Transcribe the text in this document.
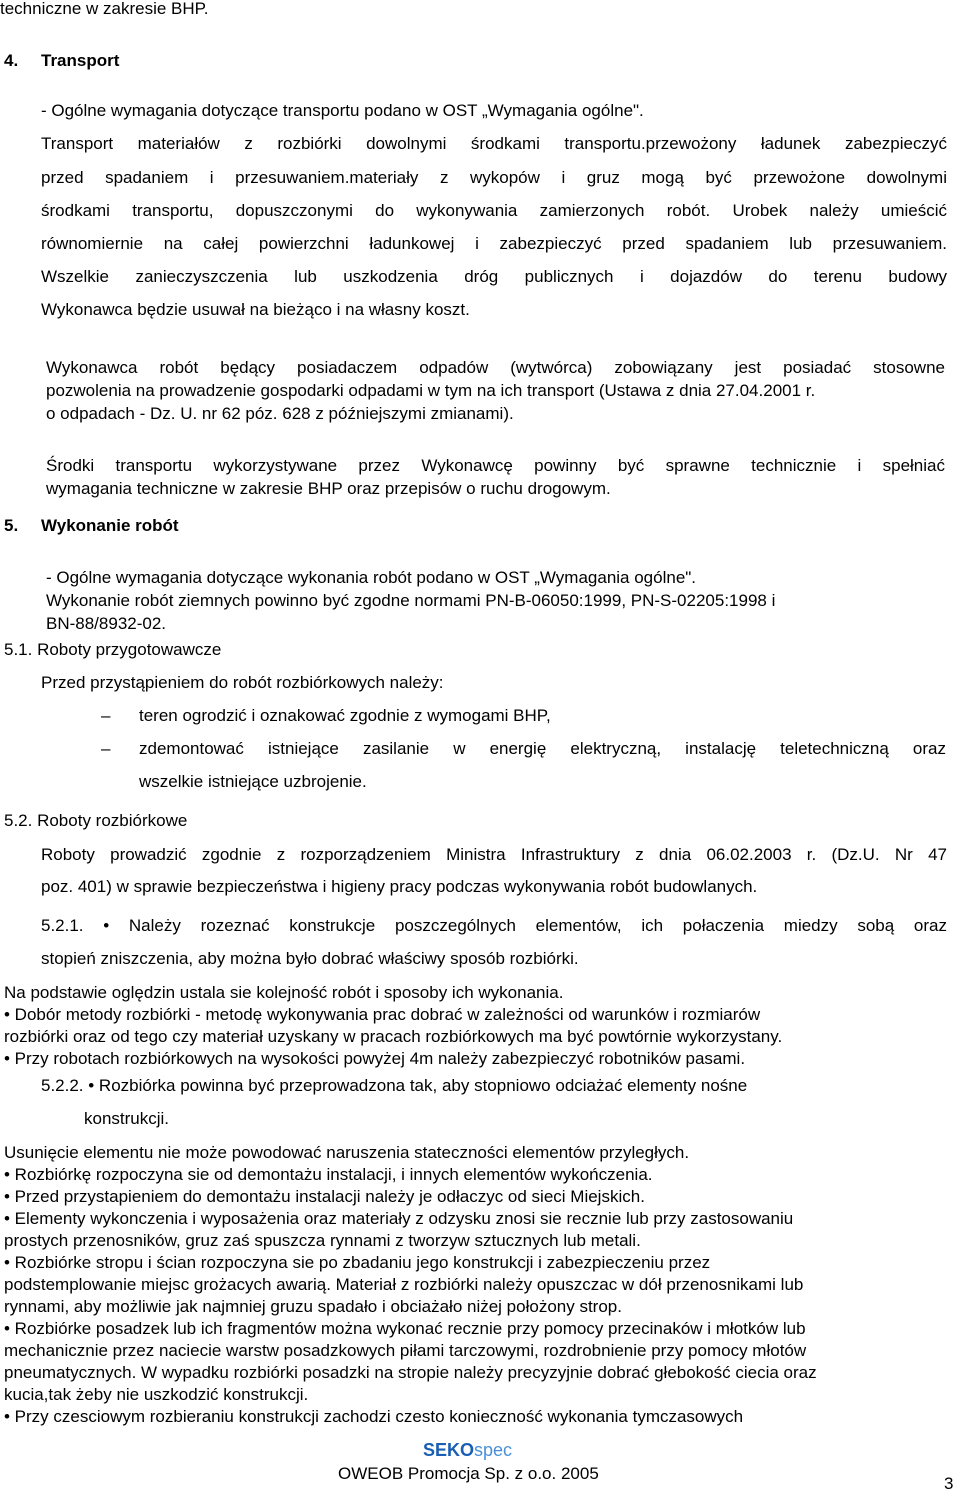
techniczne w zakresie BHP.
4. Transport
- Ogólne wymagania dotyczące transportu podano w OST „Wymagania ogólne".
Transport materiałów z rozbiórki dowolnymi środkami transportu.przewożony ładunek zabezpieczyć
przed spadaniem i przesuwaniem.materiały z wykopów i gruz mogą być przewożone dowolnymi
środkami transportu, dopuszczonymi do wykonywania zamierzonych robót. Urobek należy umieścić
równomiernie na całej powierzchni ładunkowej i zabezpieczyć przed spadaniem lub przesuwaniem.
Wszelkie zanieczyszczenia lub uszkodzenia dróg publicznych i dojazdów do terenu budowy
Wykonawca będzie usuwał na bieżąco i na własny koszt.
Wykonawca robót będący posiadaczem odpadów (wytwórca) zobowiązany jest posiadać stosowne
pozwolenia na prowadzenie gospodarki odpadami w tym na ich transport (Ustawa z dnia 27.04.2001 r.
o odpadach - Dz. U. nr 62 póz. 628 z późniejszymi zmianami).
Środki transportu wykorzystywane przez Wykonawcę powinny być sprawne technicznie i spełniać
wymagania techniczne w zakresie BHP oraz przepisów o ruchu drogowym.
5. Wykonanie robót
- Ogólne wymagania dotyczące wykonania robót podano w OST „Wymagania ogólne".
Wykonanie robót ziemnych powinno być zgodne normami PN-B-06050:1999, PN-S-02205:1998 i
BN-88/8932-02.
5.1. Roboty przygotowawcze
Przed przystąpieniem do robót rozbiórkowych należy:
– teren ogrodzić i oznakować zgodnie z wymogami BHP,
– zdemontować istniejące zasilanie w energię elektryczną, instalację teletechniczną oraz
wszelkie istniejące uzbrojenie.
5.2. Roboty rozbiórkowe
Roboty prowadzić zgodnie z rozporządzeniem Ministra Infrastruktury z dnia 06.02.2003 r. (Dz.U. Nr 47
poz. 401) w sprawie bezpieczeństwa i higieny pracy podczas wykonywania robót budowlanych.
5.2.1. • Należy rozeznać konstrukcje poszczególnych elementów, ich połaczenia miedzy sobą oraz
stopień zniszczenia, aby można było dobrać właściwy sposób rozbiórki.
Na podstawie oględzin ustala sie kolejność robót i sposoby ich wykonania.
• Dobór metody rozbiórki - metodę wykonywania prac dobrać w zależności od warunków i rozmiarów
rozbiórki oraz od tego czy materiał uzyskany w pracach rozbiórkowych ma być powtórnie wykorzystany.
• Przy robotach rozbiórkowych na wysokości powyżej 4m należy zabezpieczyć robotników pasami.
5.2.2. • Rozbiórka powinna być przeprowadzona tak, aby stopniowo odciażać elementy nośne
konstrukcji.
Usunięcie elementu nie może powodować naruszenia stateczności elementów przyległych.
• Rozbiórkę rozpoczyna sie od demontażu instalacji, i innych elementów wykończenia.
• Przed przystapieniem do demontażu instalacji należy je odłaczyc od sieci Miejskich.
• Elementy wykonczenia i wyposażenia oraz materiały z odzysku znosi sie recznie lub przy zastosowaniu
prostych przenosników, gruz zaś spuszcza rynnami z tworzyw sztucznych lub metali.
• Rozbiórke stropu i ścian rozpoczyna sie po zbadaniu jego konstrukcji i zabezpieczeniu przez
podstemplowanie miejsc grożacych awarią. Materiał z rozbiórki należy opuszczac w dół przenosnikami lub
rynnami, aby możliwie jak najmniej gruzu spadało i obciażało niżej położony strop.
• Rozbiórke posadzek lub ich fragmentów można wykonać recznie przy pomocy przecinaków i młotków lub
mechanicznie przez naciecie warstw posadzkowych piłami tarczowymi, rozdrobnienie przy pomocy młotów
pneumatycznych. W wypadku rozbiórki posadzki na stropie należy precyzyjnie dobrać głebokość ciecia oraz
kucia,tak żeby nie uszkodzić konstrukcji.
• Przy czesciowym rozbieraniu konstrukcji zachodzi czesto konieczność wykonania tymczasowych
SEKOspec
OWEOB Promocja Sp. z o.o. 2005
3
